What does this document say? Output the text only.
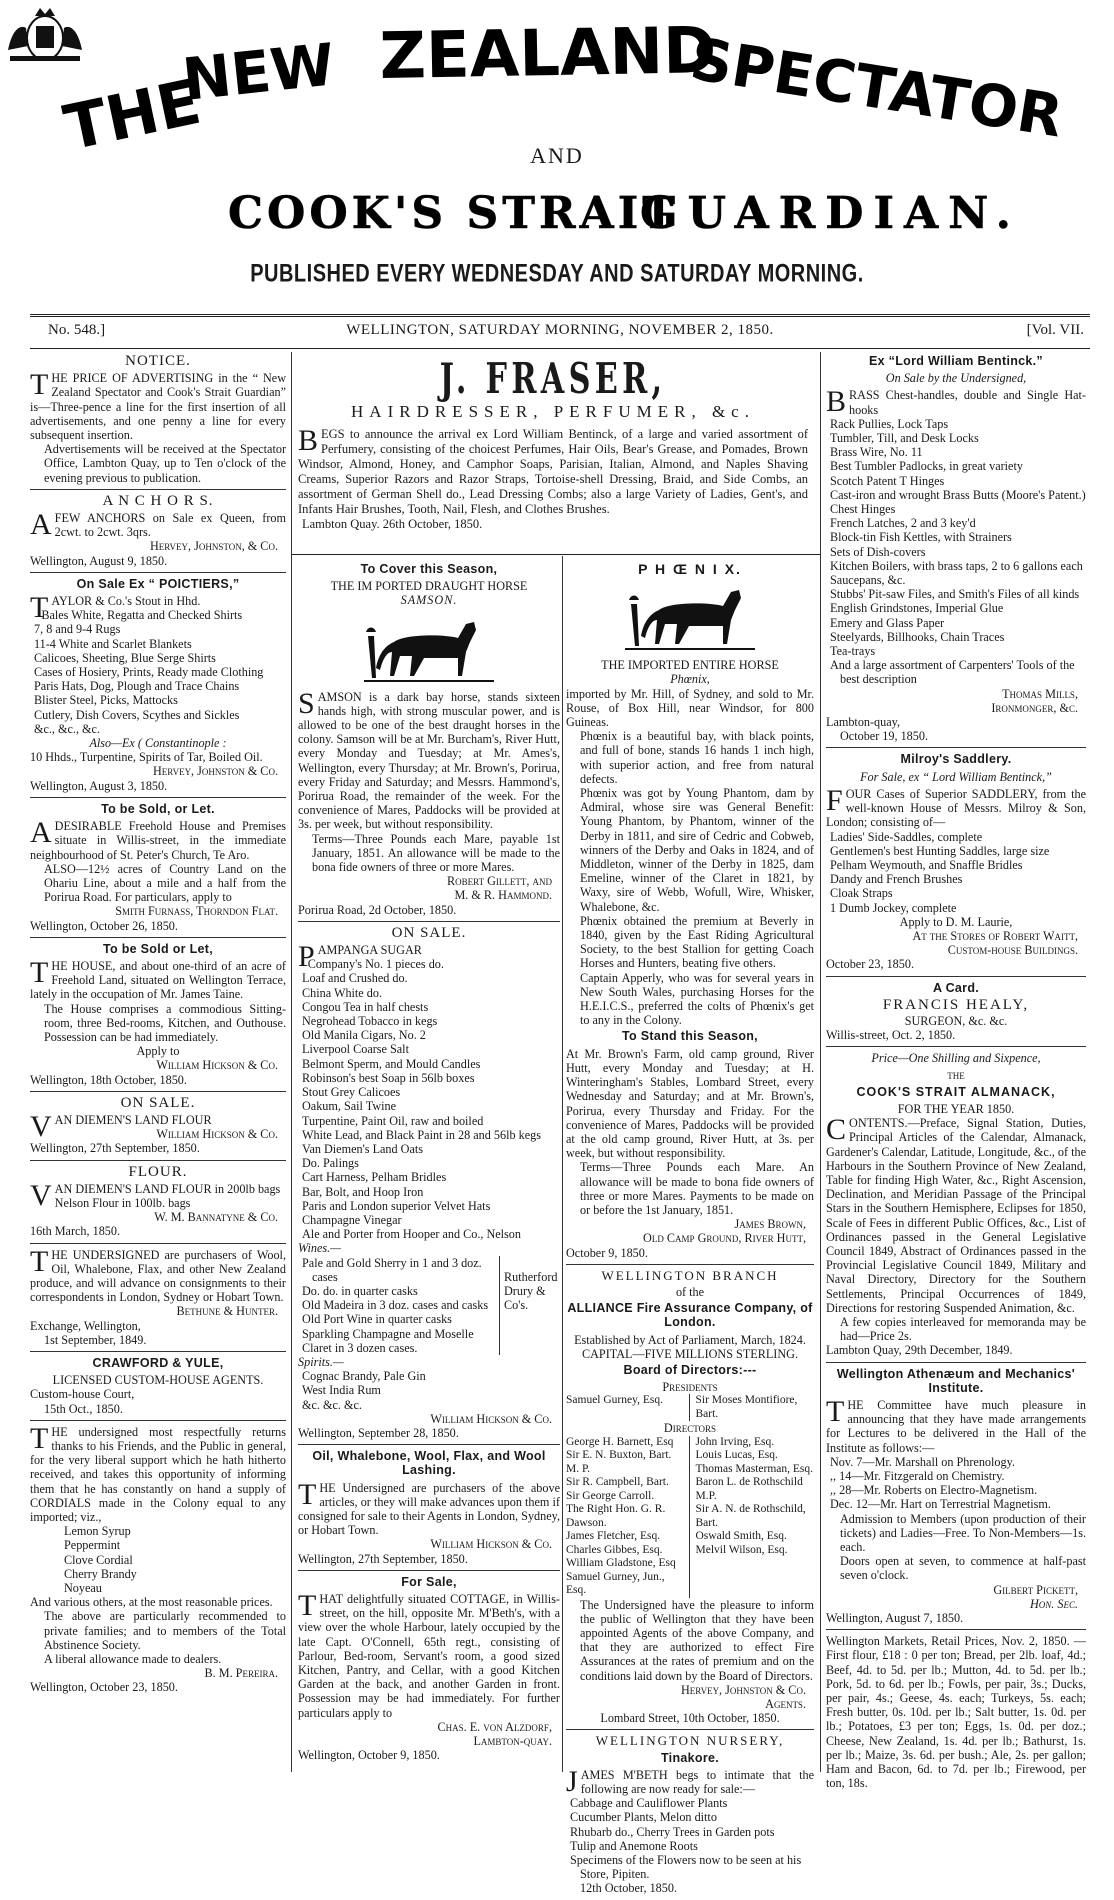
THE
NEW ZEALAND
SPECTATOR
COOK'S STRAIT
GUARDIAN.
AND
PUBLISHED EVERY WEDNESDAY AND SATURDAY MORNING.
No. 548.]	WELLINGTON, SATURDAY MORNING, NOVEMBER 2, 1850.	[Vol. VII.
NOTICE.

THE PRICE OF ADVERTISING in the “ New Zealand Spectator and Cook's Strait Guardian” is—Three-pence a line for the first insertion of all advertisements, and one penny a line for every subsequent insertion.

Advertisements will be received at the Spectator Office, Lambton Quay, up to Ten o'clock of the evening previous to publication.

A N C H O R S.

AFEW ANCHORS on Sale ex Queen, from 2cwt. to 2cwt. 3qrs.

Hervey, Johnston, & Co.
Wellington, August 9, 1850.
On Sale Ex “ POICTIERS,”

TAYLOR & Co.'s Stout in Hhd.

Bales White, Regatta and Checked Shirts
7, 8 and 9-4 Rugs
11-4 White and Scarlet Blankets
Calicoes, Sheeting, Blue Serge Shirts
Cases of Hosiery, Prints, Ready made Clothing
Paris Hats, Dog, Plough and Trace Chains
Blister Steel, Picks, Mattocks
Cutlery, Dish Covers, Scythes and Sickles
&c., &c., &c.
Also—Ex ( Constantinople :

10 Hhds., Turpentine, Spirits of Tar, Boiled Oil.

Hervey, Johnston & Co.
Wellington, August 3, 1850.
To be Sold, or Let.

ADESIRABLE Freehold House and Premises situate in Willis-street, in the immediate neighbourhood of St. Peter's Church, Te Aro.

ALSO—12½ acres of Country Land on the Ohariu Line, about a mile and a half from the Porirua Road. For particulars, apply to

Smith Furnass, Thorndon Flat.
Wellington, October 26, 1850.
To be Sold or Let,

THE HOUSE, and about one-third of an acre of Freehold Land, situated on Wellington Terrace, lately in the occupation of Mr. James Taine.

The House comprises a commodious Sitting-room, three Bed-rooms, Kitchen, and Outhouse. Possession can be had immediately.

Apply to
William Hickson & Co.
Wellington, 18th October, 1850.
ON SALE.

VAN DIEMEN'S LAND FLOUR

William Hickson & Co.
Wellington, 27th September, 1850.
FLOUR.

VAN DIEMEN'S LAND FLOUR in 200lb bags

Nelson Flour in 100lb. bags

W. M. Bannatyne & Co.
16th March, 1850.

THE UNDERSIGNED are purchasers of Wool, Oil, Whalebone, Flax, and other New Zealand produce, and will advance on consignments to their correspondents in London, Sydney or Hobart Town.

Bethune & Hunter.
Exchange, Wellington,
1st September, 1849.
CRAWFORD & YULE,
LICENSED CUSTOM-HOUSE AGENTS.
Custom-house Court,
15th Oct., 1850.

THE undersigned most respectfully returns thanks to his Friends, and the Public in general, for the very liberal support which he hath hitherto received, and takes this opportunity of informing them that he has constantly on hand a supply of CORDIALS made in the Colony equal to any imported; viz.,

Lemon Syrup
Peppermint
Clove Cordial
Cherry Brandy
Noyeau

And various others, at the most reasonable prices.

The above are particularly recommended to private families; and to members of the Total Abstinence Society.

A liberal allowance made to dealers.

B. M. Pereira.
Wellington, October 23, 1850.
J. FRASER,
HAIRDRESSER, PERFUMER, &c.

BEGS to announce the arrival ex Lord William Bentinck, of a large and varied assortment of Perfumery, consisting of the choicest Perfumes, Hair Oils, Bear's Grease, and Pomades, Brown Windsor, Almond, Honey, and Camphor Soaps, Parisian, Italian, Almond, and Naples Shaving Creams, Superior Razors and Razor Straps, Tortoise-shell Dressing, Braid, and Side Combs, an assortment of German Shell do., Lead Dressing Combs; also a large Variety of Ladies, Gent's, and Infants Hair Brushes, Tooth, Nail, Flesh, and Clothes Brushes.

Lambton Quay. 26th October, 1850.
To Cover this Season,
THE IM PORTED DRAUGHT HORSE
SAMSON.

SAMSON is a dark bay horse, stands sixteen hands high, with strong muscular power, and is allowed to be one of the best draught horses in the colony. Samson will be at Mr. Burcham's, River Hutt, every Monday and Tuesday; at Mr. Ames's, Wellington, every Thursday; at Mr. Brown's, Porirua, every Friday and Saturday; and Messrs. Hammond's, Porirua Road, the remainder of the week. For the convenience of Mares, Paddocks will be provided at 3s. per week, but without responsibility.

Terms—Three Pounds each Mare, payable 1st January, 1851. An allowance will be made to the bona fide owners of three or more Mares.

Robert Gillett, and
M. & R. Hammond.
Porirua Road, 2d October, 1850.
ON SALE.

PAMPANGA SUGAR

Company's No. 1 pieces do.
Loaf and Crushed do.
China White do.
Congou Tea in half chests
Negrohead Tobacco in kegs
Old Manila Cigars, No. 2
Liverpool Coarse Salt
Belmont Sperm, and Mould Candles
Robinson's best Soap in 56lb boxes
Stout Grey Calicoes
Oakum, Sail Twine
Turpentine, Paint Oil, raw and boiled
White Lead, and Black Paint in 28 and 56lb kegs
Van Diemen's Land Oats
Do. Palings
Cart Harness, Pelham Bridles
Bar, Bolt, and Hoop Iron
Paris and London superior Velvet Hats
Champagne Vinegar
Ale and Porter from Hooper and Co., Nelson
Wines.—
Pale and Gold Sherry in 1 and 3 doz. cases
Do. do. in quarter casks
Old Madeira in 3 doz. cases and casks
Old Port Wine in quarter casks
Sparkling Champagne and Moselle
Claret in 3 dozen cases.
Rutherford Drury & Co's.
Spirits.—
Cognac Brandy, Pale Gin
West India Rum
&c. &c. &c.
William Hickson & Co.
Wellington, September 28, 1850.
Oil, Whalebone, Wool, Flax, and Wool Lashing.

THE Undersigned are purchasers of the above articles, or they will make advances upon them if consigned for sale to their Agents in London, Sydney, or Hobart Town.

William Hickson & Co.
Wellington, 27th September, 1850.
For Sale,

THAT delightfully situated COTTAGE, in Willis-street, on the hill, opposite Mr. M'Beth's, with a view over the whole Harbour, lately occupied by the late Capt. O'Connell, 65th regt., consisting of Parlour, Bed-room, Servant's room, a good sized Kitchen, Pantry, and Cellar, with a good Kitchen Garden at the back, and another Garden in front. Possession may be had immediately. For further particulars apply to

Chas. E. von Alzdorf,
Lambton-quay.
Wellington, October 9, 1850.
P H Œ N I X.
THE IMPORTED ENTIRE HORSE
Phœnix,

imported by Mr. Hill, of Sydney, and sold to Mr. Rouse, of Box Hill, near Windsor, for 800 Guineas.

Phœnix is a beautiful bay, with black points, and full of bone, stands 16 hands 1 inch high, with superior action, and free from natural defects.

Phœnix was got by Young Phantom, dam by Admiral, whose sire was General Benefit: Young Phantom, by Phantom, winner of the Derby in 1811, and sire of Cedric and Cobweb, winners of the Derby and Oaks in 1824, and of Middleton, winner of the Derby in 1825, dam Emeline, winner of the Claret in 1821, by Waxy, sire of Webb, Wofull, Wire, Whisker, Whalebone, &c.

Phœnix obtained the premium at Beverly in 1840, given by the East Riding Agricultural Society, to the best Stallion for getting Coach Horses and Hunters, beating five others.

Captain Apperly, who was for several years in New South Wales, purchasing Horses for the H.E.I.C.S., preferred the colts of Phœnix's get to any in the Colony.

To Stand this Season,

At Mr. Brown's Farm, old camp ground, River Hutt, every Monday and Tuesday; at H. Winteringham's Stables, Lombard Street, every Wednesday and Saturday; and at Mr. Brown's, Porirua, every Thursday and Friday. For the convenience of Mares, Paddocks will be provided at the old camp ground, River Hutt, at 3s. per week, but without responsibility.

Terms—Three Pounds each Mare. An allowance will be made to bona fide owners of three or more Mares. Payments to be made on or before the 1st January, 1851.

James Brown,
Old Camp Ground, River Hutt,
October 9, 1850.
WELLINGTON BRANCH
of the
ALLIANCE Fire Assurance Company, of London.
Established by Act of Parliament, March, 1824.
CAPITAL—FIVE MILLIONS STERLING.
Board of Directors:---
Presidents
Samuel Gurney, Esq.	Sir Moses Montifiore, Bart.
Directors
George H. Barnett, Esq
Sir E. N. Buxton, Bart. M. P.
Sir R. Campbell, Bart.
Sir George Carroll.
The Right Hon. G. R. Dawson.
James Fletcher, Esq.
Charles Gibbes, Esq.
William Gladstone, Esq
Samuel Gurney, Jun., Esq.
John Irving, Esq.
Louis Lucas, Esq.
Thomas Masterman, Esq.
Baron L. de Rothschild M.P.
Sir A. N. de Rothschild, Bart.
Oswald Smith, Esq.
Melvil Wilson, Esq.

The Undersigned have the pleasure to inform the public of Wellington that they have been appointed Agents of the above Company, and that they are authorized to effect Fire Assurances at the rates of premium and on the conditions laid down by the Board of Directors.

Hervey, Johnston & Co.
Agents.
Lombard Street, 10th October, 1850.
WELLINGTON NURSERY,
Tinakore.

JAMES M'BETH begs to intimate that the following are now ready for sale:—

Cabbage and Cauliflower Plants
Cucumber Plants, Melon ditto
Rhubarb do., Cherry Trees in Garden pots
Tulip and Anemone Roots
Specimens of the Flowers now to be seen at his Store, Pipiten.
12th October, 1850.
Ex “Lord William Bentinck.”
On Sale by the Undersigned,

BRASS Chest-handles, double and Single Hat-hooks

Rack Pullies, Lock Taps
Tumbler, Till, and Desk Locks
Brass Wire, No. 11
Best Tumbler Padlocks, in great variety
Scotch Patent T Hinges
Cast-iron and wrought Brass Butts (Moore's Patent.)
Chest Hinges
French Latches, 2 and 3 key'd
Block-tin Fish Kettles, with Strainers
Sets of Dish-covers
Kitchen Boilers, with brass taps, 2 to 6 gallons each
Saucepans, &c.
Stubbs' Pit-saw Files, and Smith's Files of all kinds
English Grindstones, Imperial Glue
Emery and Glass Paper
Steelyards, Billhooks, Chain Traces
Tea-trays
And a large assortment of Carpenters' Tools of the best description
Thomas Mills,
Ironmonger, &c.
Lambton-quay,
October 19, 1850.
Milroy's Saddlery.
For Sale, ex “ Lord William Bentinck,”

FOUR Cases of Superior SADDLERY, from the well-known House of Messrs. Milroy & Son, London; consisting of—

Ladies' Side-Saddles, complete
Gentlemen's best Hunting Saddles, large size
Pelham Weymouth, and Snaffle Bridles
Dandy and French Brushes
Cloak Straps
1 Dumb Jockey, complete
Apply to D. M. Laurie,
At the Stores of Robert Waitt,
Custom-house Buildings.
October 23, 1850.
A Card.
FRANCIS HEALY,
SURGEON, &c. &c.
Willis-street, Oct. 2, 1850.
Price—One Shilling and Sixpence,
THE
COOK'S STRAIT ALMANACK,
FOR THE YEAR 1850.

CONTENTS.—Preface, Signal Station, Duties, Principal Articles of the Calendar, Almanack, Gardener's Calendar, Latitude, Longitude, &c., of the Harbours in the Southern Province of New Zealand, Table for finding High Water, &c., Right Ascension, Declination, and Meridian Passage of the Principal Stars in the Southern Hemisphere, Eclipses for 1850, Scale of Fees in different Public Offices, &c., List of Ordinances passed in the General Legislative Council 1849, Abstract of Ordinances passed in the Provincial Legislative Council 1849, Military and Naval Directory, Directory for the Southern Settlements, Principal Occurrences of 1849, Directions for restoring Suspended Animation, &c.

A few copies interleaved for memoranda may be had—Price 2s.

Lambton Quay, 29th December, 1849.
Wellington Athenæum and Mechanics' Institute.

THE Committee have much pleasure in announcing that they have made arrangements for Lectures to be delivered in the Hall of the Institute as follows:—

Nov. 7—Mr. Marshall on Phrenology.
,, 14—Mr. Fitzgerald on Chemistry.
,, 28—Mr. Roberts on Electro-Magnetism.
Dec. 12—Mr. Hart on Terrestrial Magnetism.

Admission to Members (upon production of their tickets) and Ladies—Free. To Non-Members—1s. each.

Doors open at seven, to commence at half-past seven o'clock.

Gilbert Pickett,
Hon. Sec.
Wellington, August 7, 1850.

Wellington Markets, Retail Prices, Nov. 2, 1850. — First flour, £18 : 0 per ton; Bread, per 2lb. loaf, 4d.; Beef, 4d. to 5d. per lb.; Mutton, 4d. to 5d. per lb.; Pork, 5d. to 6d. per lb.; Fowls, per pair, 3s.; Ducks, per pair, 4s.; Geese, 4s. each; Turkeys, 5s. each; Fresh butter, 0s. 10d. per lb.; Salt butter, 1s. 0d. per lb.; Potatoes, £3 per ton; Eggs, 1s. 0d. per doz.; Cheese, New Zealand, 1s. 4d. per lb.; Bathurst, 1s. per lb.; Maize, 3s. 6d. per bush.; Ale, 2s. per gallon; Ham and Bacon, 6d. to 7d. per lb.; Firewood, per ton, 18s.
